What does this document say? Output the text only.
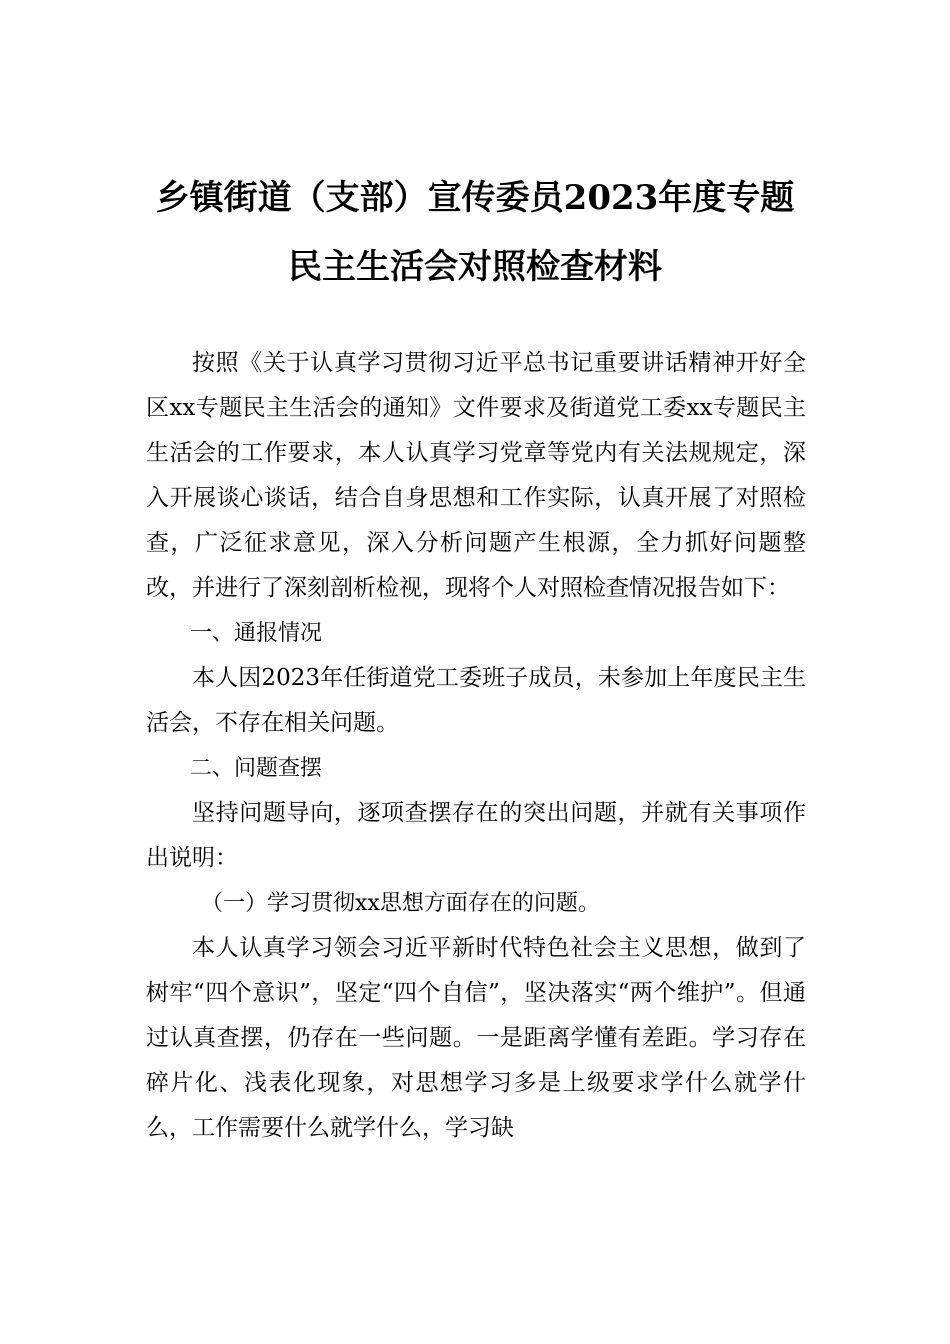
乡镇街道（支部）宣传委员2023年度专题
民主生活会对照检查材料

按照《关于认真学习贯彻习近平总书记重要讲话精神开好全区xx专题民主生活会的通知》文件要求及街道党工委xx专题民主生活会的工作要求，本人认真学习党章等党内有关法规规定，深入开展谈心谈话，结合自身思想和工作实际，认真开展了对照检查，广泛征求意见，深入分析问题产生根源，全力抓好问题整改，并进行了深刻剖析检视，现将个人对照检查情况报告如下：

一、通报情况

本人因2023年任街道党工委班子成员，未参加上年度民主生活会，不存在相关问题。

二、问题查摆

坚持问题导向，逐项查摆存在的突出问题，并就有关事项作出说明：

（一）学习贯彻xx思想方面存在的问题。

本人认真学习领会习近平新时代特色社会主义思想，做到了树牢“四个意识”，坚定“四个自信”，坚决落实“两个维护”。但通过认真查摆，仍存在一些问题。一是距离学懂有差距。学习存在碎片化、浅表化现象，对思想学习多是上级要求学什么就学什么，工作需要什么就学什么，学习缺
